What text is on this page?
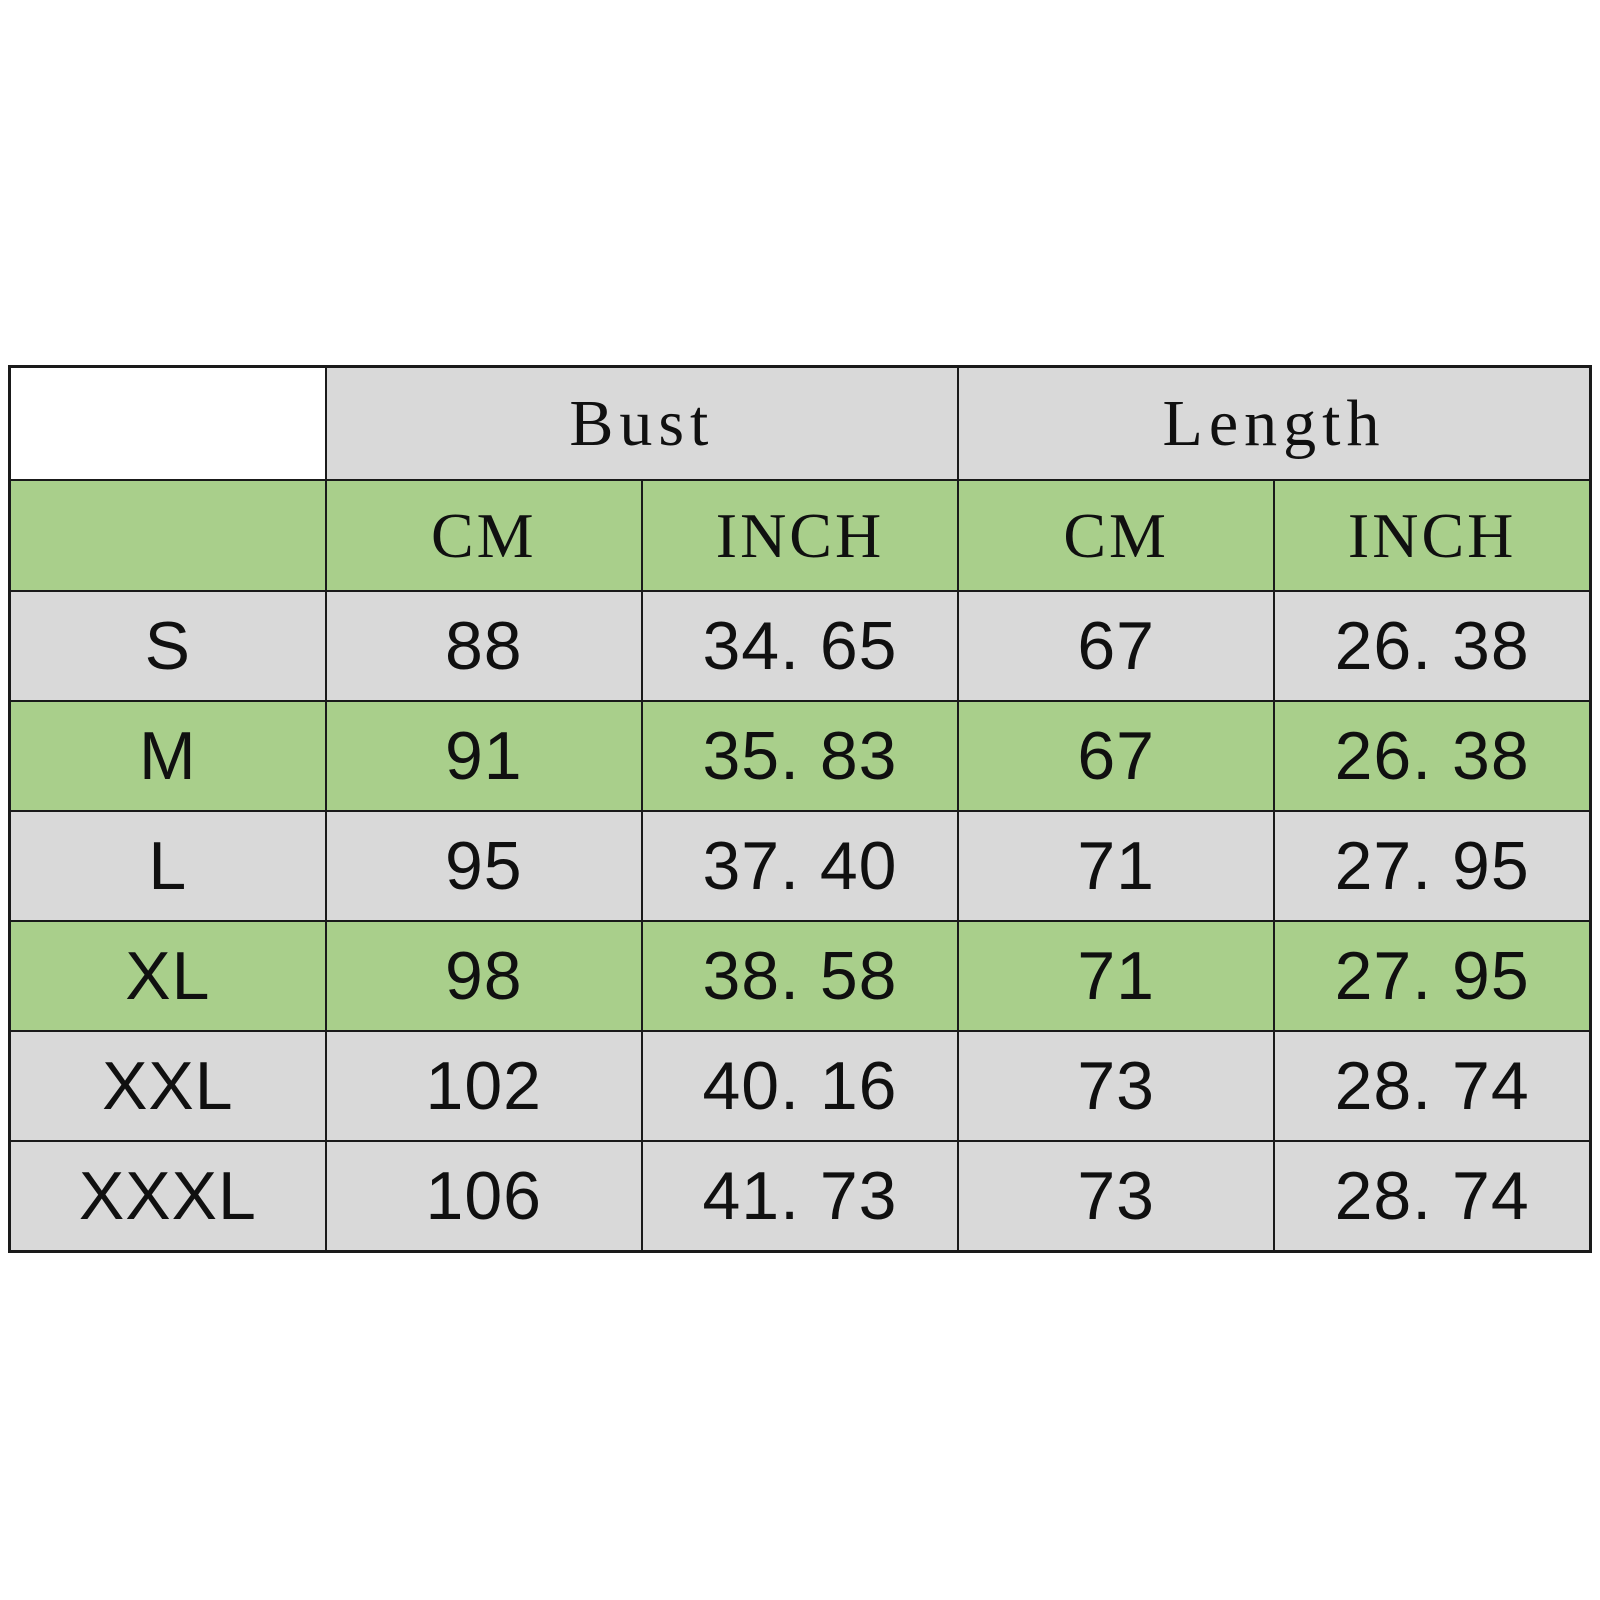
	Bust		Length	
	CM	INCH	CM	INCH
S	88	34. 65	67	26. 38
M	91	35. 83	67	26. 38
L	95	37. 40	71	27. 95
XL	98	38. 58	71	27. 95
XXL	102	40. 16	73	28. 74
XXXL	106	41. 73	73	28. 74
